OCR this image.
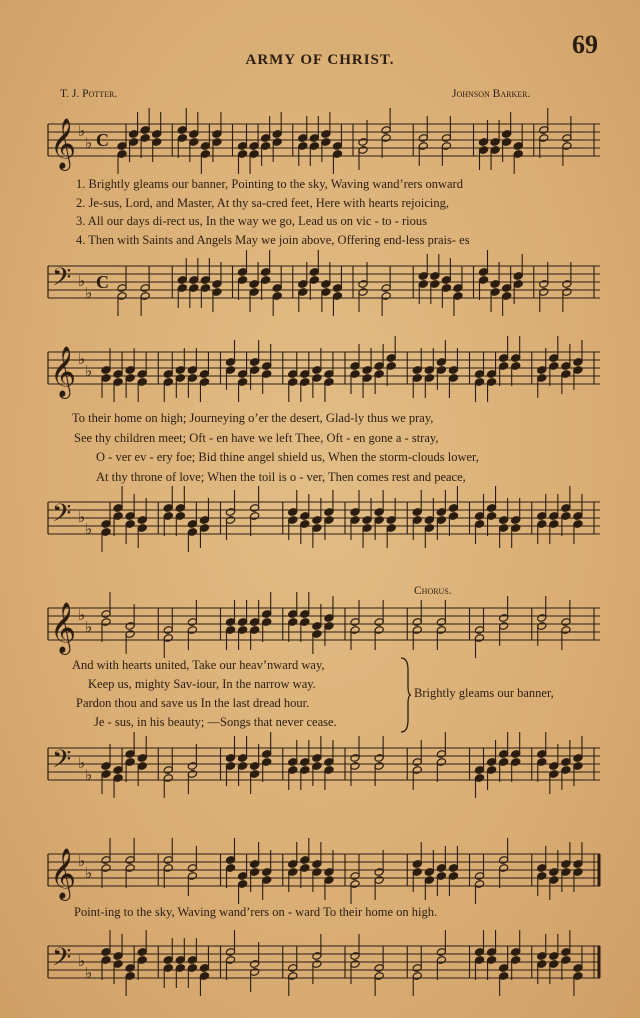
69
ARMY OF CHRIST.
T. J. Potter.	Johnson Barker.
𝄞 ♭
♭ C
1. Brightly gleams our banner, Pointing to the sky, Waving wand’rers onward
2. Je-sus, Lord, and Master, At thy sa-cred feet, Here with hearts rejoicing,
3. All our days di-rect us, In the way we go, Lead us on vic - to - rious
4. Then with Saints and Angels May we join above, Offering end-less prais- es
𝄢 ♭
♭
C
𝄞 ♭
♭
To their home on high; Journeying o’er the desert, Glad-ly thus we pray,
See thy children meet; Oft - en have we left Thee, Oft - en gone a - stray,
O - ver ev - ery foe; Bid thine angel shield us, When the storm-clouds lower,
At thy throne of love; When the toil is o - ver, Then comes rest and peace,
𝄢 ♭
♭
Chorus.
𝄞 ♭
♭
And with hearts united, Take our heav’nward way,
Keep us, mighty Sav-iour, In the narrow way.
Pardon thou and save us In the last dread hour.
Je - sus, in his beauty; —Songs that never cease.
Brightly gleams our banner,
𝄢 ♭
♭
𝄞 ♭
♭
Point-ing to the sky, Waving wand’rers on - ward To their home on high.
𝄢 ♭
♭
